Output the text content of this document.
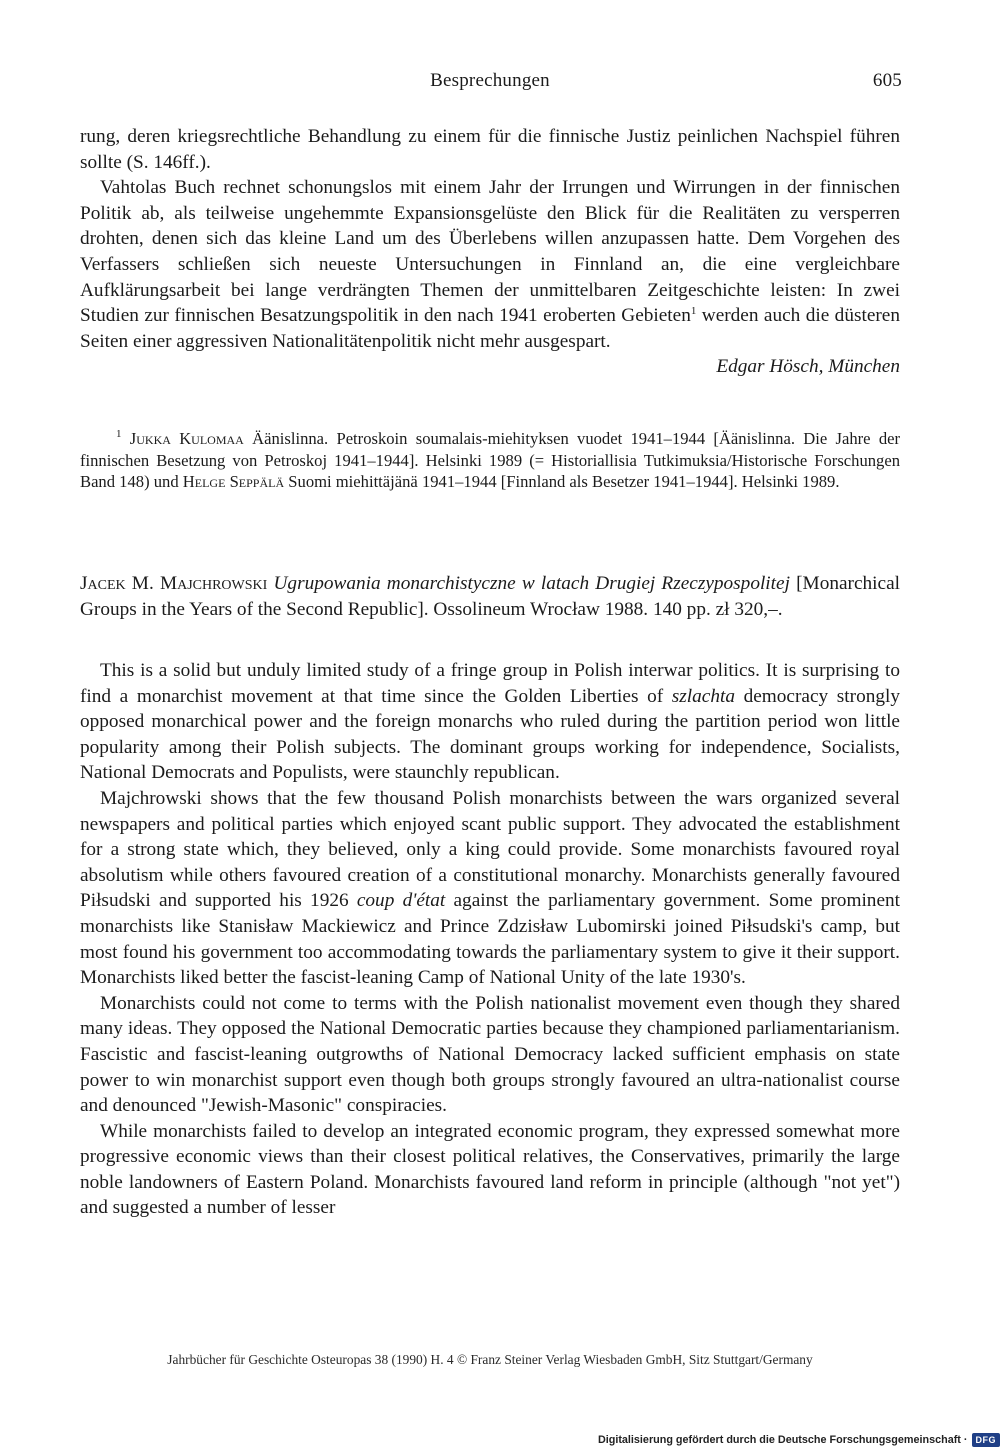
Besprechungen	605

rung, deren kriegsrechtliche Behandlung zu einem für die finnische Justiz peinlichen Nachspiel führen sollte (S. 146ff.).

Vahtolas Buch rechnet schonungslos mit einem Jahr der Irrungen und Wirrungen in der finnischen Politik ab, als teilweise ungehemmte Expansionsgelüste den Blick für die Realitäten zu versperren drohten, denen sich das kleine Land um des Überlebens willen anzupassen hatte. Dem Vorgehen des Verfassers schließen sich neueste Untersuchungen in Finnland an, die eine vergleichbare Aufklärungsarbeit bei lange verdrängten Themen der unmittelbaren Zeitgeschichte leisten: In zwei Studien zur finnischen Besatzungspolitik in den nach 1941 eroberten Gebieten$^1$ werden auch die düsteren Seiten einer aggressiven Nationalitätenpolitik nicht mehr ausgespart.

Edgar Hösch, München

$^1$ Jukka Kulomaa Äänislinna. Petroskoin soumalais-miehityksen vuodet 1941–1944 [Äänislinna. Die Jahre der finnischen Besetzung von Petroskoj 1941–1944]. Helsinki 1989 (= Historiallisia Tutkimuksia/Historische Forschungen Band 148) und Helge Seppälä Suomi miehittäjänä 1941–1944 [Finnland als Besetzer 1941–1944]. Helsinki 1989.
Jacek M. Majchrowski Ugrupowania monarchistyczne w latach Drugiej Rzeczypospolitej [Monarchical Groups in the Years of the Second Republic]. Ossolineum Wrocław 1988. 140 pp. zł 320,–.

This is a solid but unduly limited study of a fringe group in Polish interwar politics. It is surprising to find a monarchist movement at that time since the Golden Liberties of szlachta democracy strongly opposed monarchical power and the foreign monarchs who ruled during the partition period won little popularity among their Polish subjects. The dominant groups working for independence, Socialists, National Democrats and Populists, were staunchly republican.

Majchrowski shows that the few thousand Polish monarchists between the wars organized several newspapers and political parties which enjoyed scant public support. They advocated the establishment for a strong state which, they believed, only a king could provide. Some monarchists favoured royal absolutism while others favoured creation of a constitutional monarchy. Monarchists generally favoured Piłsudski and supported his 1926 coup d'état against the parliamentary government. Some prominent monarchists like Stanisław Mackiewicz and Prince Zdzisław Lubomirski joined Piłsudski's camp, but most found his government too accommodating towards the parliamentary system to give it their support. Monarchists liked better the fascist-leaning Camp of National Unity of the late 1930's.

Monarchists could not come to terms with the Polish nationalist movement even though they shared many ideas. They opposed the National Democratic parties because they championed parliamentarianism. Fascistic and fascist-leaning outgrowths of National Democracy lacked sufficient emphasis on state power to win monarchist support even though both groups strongly favoured an ultra-nationalist course and denounced "Jewish-Masonic" conspiracies.

While monarchists failed to develop an integrated economic program, they expressed somewhat more progressive economic views than their closest political relatives, the Conservatives, primarily the large noble landowners of Eastern Poland. Monarchists favoured land reform in principle (although "not yet") and suggested a number of lesser

Jahrbücher für Geschichte Osteuropas 38 (1990) H. 4 © Franz Steiner Verlag Wiesbaden GmbH, Sitz Stuttgart/Germany
Digitalisierung gefördert durch die Deutsche Forschungsgemeinschaft · DFG
